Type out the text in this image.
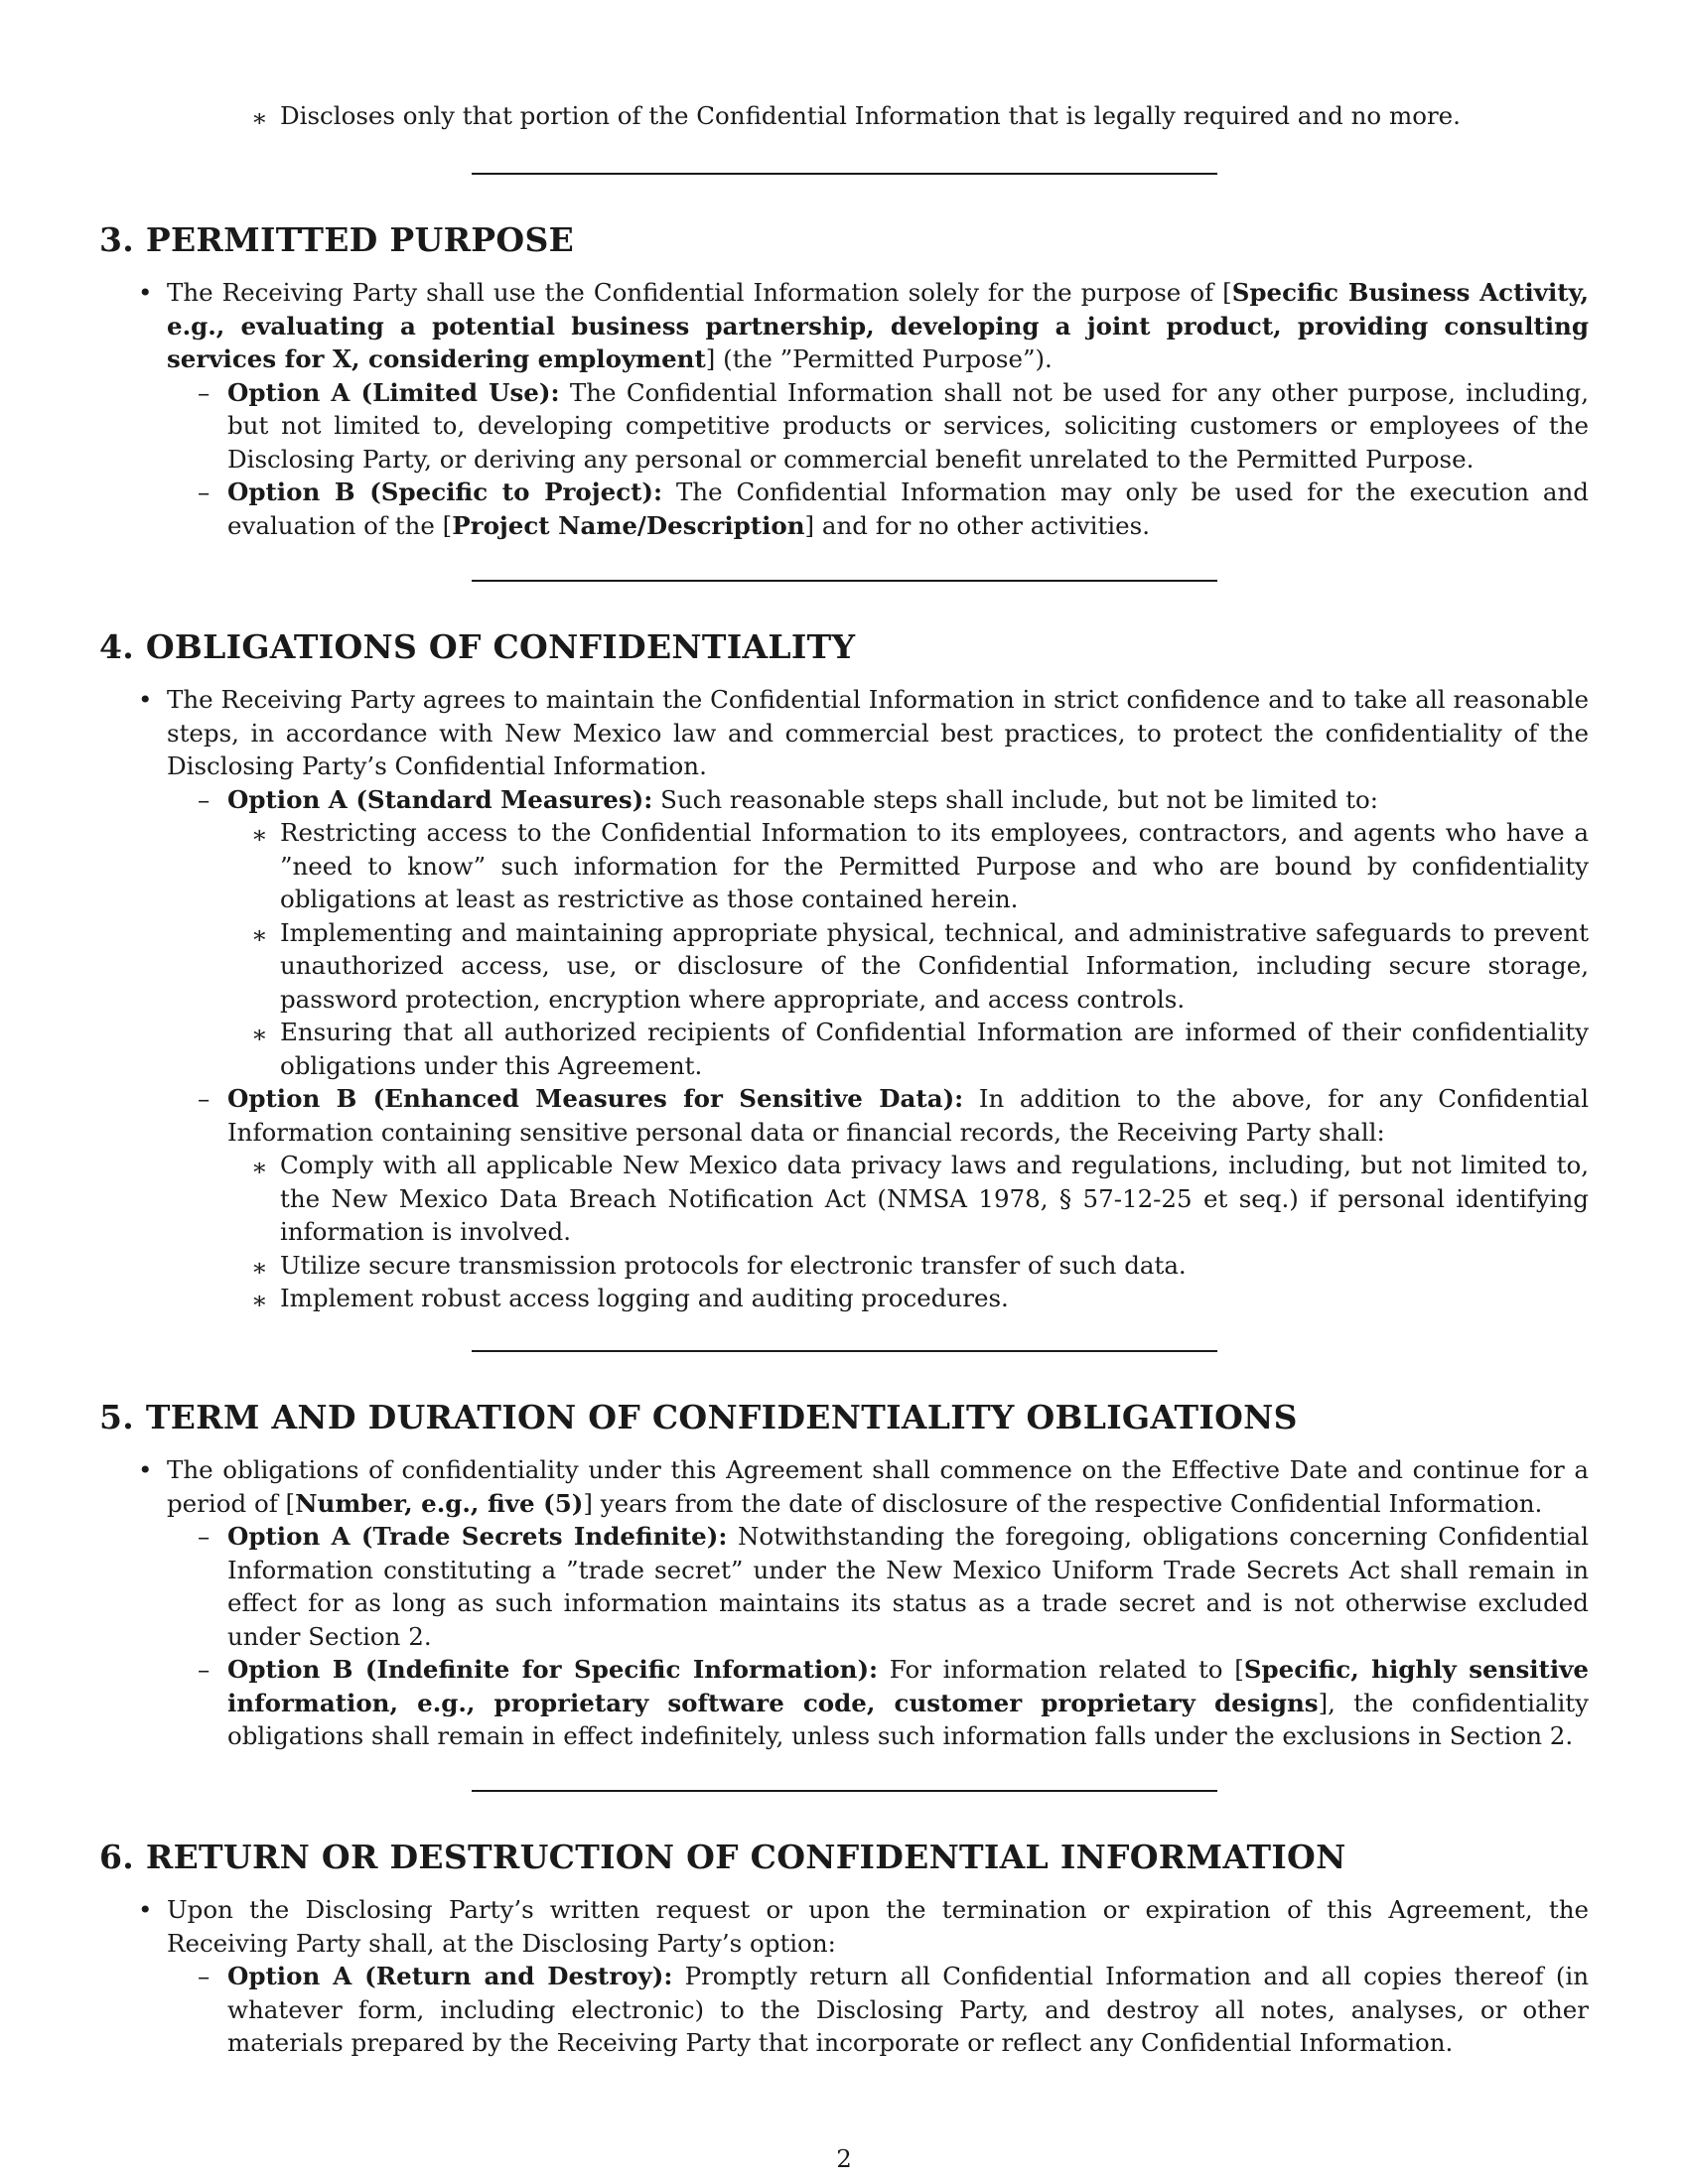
∗ Discloses only that portion of the Confidential Information that is legally required and no more.
3. PERMITTED PURPOSE
• The Receiving Party shall use the Confidential Information solely for the purpose of [Specific Business Activity, e.g., evaluating a potential business partnership, developing a joint product, providing consulting services for X, considering employment] (the ”Permitted Purpose”).
– Option A (Limited Use): The Confidential Information shall not be used for any other purpose, including, but not limited to, developing competitive products or services, soliciting customers or employees of the Disclosing Party, or deriving any personal or commercial benefit unrelated to the Permitted Purpose.
– Option B (Specific to Project): The Confidential Information may only be used for the execution and evaluation of the [Project Name/Description] and for no other activities.
4. OBLIGATIONS OF CONFIDENTIALITY
• The Receiving Party agrees to maintain the Confidential Information in strict confidence and to take all reasonable steps, in accordance with New Mexico law and commercial best practices, to protect the confidentiality of the Disclosing Party’s Confidential Information.
– Option A (Standard Measures): Such reasonable steps shall include, but not be limited to:
∗ Restricting access to the Confidential Information to its employees, contractors, and agents who have a ”need to know” such information for the Permitted Purpose and who are bound by confidentiality obligations at least as restrictive as those contained herein.
∗ Implementing and maintaining appropriate physical, technical, and administrative safeguards to prevent unauthorized access, use, or disclosure of the Confidential Information, including secure storage, password protection, encryption where appropriate, and access controls.
∗ Ensuring that all authorized recipients of Confidential Information are informed of their confidentiality obligations under this Agreement.
– Option B (Enhanced Measures for Sensitive Data): In addition to the above, for any Confidential Information containing sensitive personal data or financial records, the Receiving Party shall:
∗ Comply with all applicable New Mexico data privacy laws and regulations, including, but not limited to, the New Mexico Data Breach Notification Act (NMSA 1978, § 57-12-25 et seq.) if personal identifying information is involved.
∗ Utilize secure transmission protocols for electronic transfer of such data.
∗ Implement robust access logging and auditing procedures.
5. TERM AND DURATION OF CONFIDENTIALITY OBLIGATIONS
• The obligations of confidentiality under this Agreement shall commence on the Effective Date and continue for a period of [Number, e.g., five (5)] years from the date of disclosure of the respective Confidential Information.
– Option A (Trade Secrets Indefinite): Notwithstanding the foregoing, obligations concerning Confidential Information constituting a ”trade secret” under the New Mexico Uniform Trade Secrets Act shall remain in effect for as long as such information maintains its status as a trade secret and is not otherwise excluded under Section 2.
– Option B (Indefinite for Specific Information): For information related to [Specific, highly sensitive information, e.g., proprietary software code, customer proprietary designs], the confidentiality obligations shall remain in effect indefinitely, unless such information falls under the exclusions in Section 2.
6. RETURN OR DESTRUCTION OF CONFIDENTIAL INFORMATION
• Upon the Disclosing Party’s written request or upon the termination or expiration of this Agreement, the Receiving Party shall, at the Disclosing Party’s option:
– Option A (Return and Destroy): Promptly return all Confidential Information and all copies thereof (in whatever form, including electronic) to the Disclosing Party, and destroy all notes, analyses, or other materials prepared by the Receiving Party that incorporate or reflect any Confidential Information.
2
